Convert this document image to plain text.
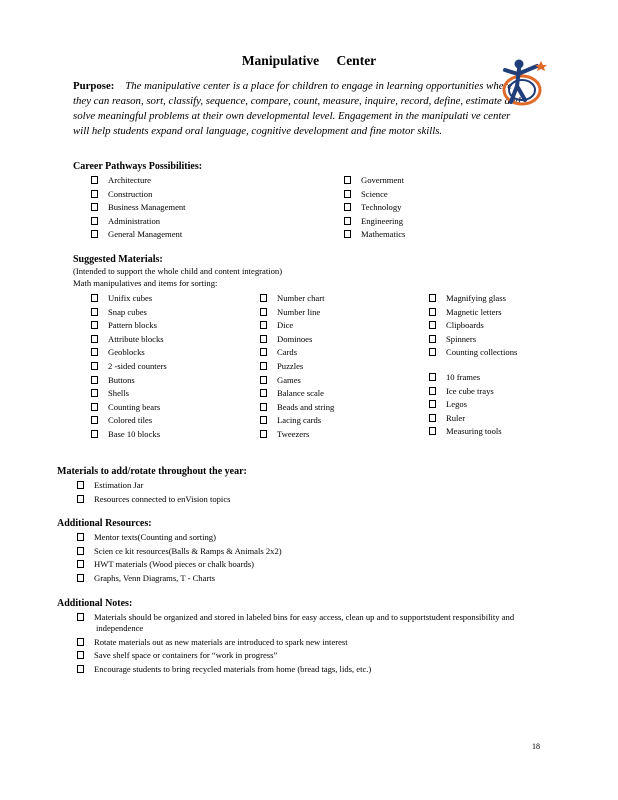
Manipulative Center
Purpose: The manipulative center is a place for children to engage in learning opportunities where they can reason, sort, classify, sequence, compare, count, measure, inquire, record, define, estimate and solve meaningful problems at their own developmental level. Engagement in the manipulati ve center will help students expand oral language, cognitive development and fine motor skills.
Career Pathways Possibilities:
Architecture
Construction
Business Management
Administration
General Management
Government
Science
Technology
Engineering
Mathematics
Suggested Materials:
(Intended to support the whole child and content integration)
Math manipulatives and items for sorting:
Unifix cubes
Snap cubes
Pattern blocks
Attribute blocks
Geoblocks
2 -sided counters
Buttons
Shells
Counting bears
Colored tiles
Base 10 blocks
Number chart
Number line
Dice
Dominoes
Cards
Puzzles
Games
Balance scale
Beads and string
Lacing cards
Tweezers
Magnifying glass
Magnetic letters
Clipboards
Spinners
Counting collections
10 frames
Ice cube trays
Legos
Ruler
Measuring tools
Materials to add/rotate throughout the year:
Estimation Jar
Resources connected to enVision topics
Additional Resources:
Mentor texts(Counting and sorting)
Scien ce kit resources(Balls & Ramps & Animals 2x2)
HWT materials (Wood pieces or chalk boards)
Graphs, Venn Diagrams, T - Charts
Additional Notes:
Materials should be organized and stored in labeled bins for easy access, clean up and to supportstudent responsibility and independence
Rotate materials out as new materials are introduced to spark new interest
Save shelf space or containers for “work in progress”
Encourage students to bring recycled materials from home (bread tags, lids, etc.)
18
